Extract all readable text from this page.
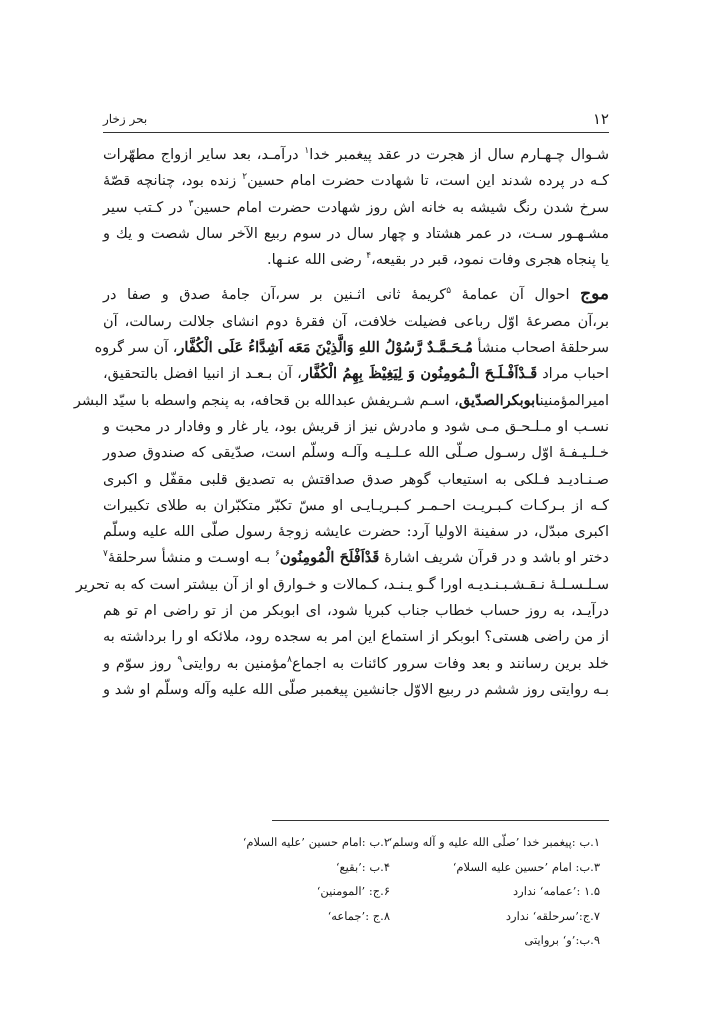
۱۲
بحر زخار

شـوال چـهـارم سال از هجرت در عقد پیغمبر خدا$^۱$ درآمـد، بعد سایر ازواج مطهّرات
کـه در پرده شدند این است، تا شهادت حضرت امام حسین$^۲$ زنده بود، چنانچه قصّهٔ
سرخ شدن رنگ شیشه به خانه اش روز شهادت حضرت امام حسین$^۳$ در کـتب سیر
مشـهـور سـت، در عمر هشتاد و چهار سال در سوم ربیع الآخر سال شصت و یك و
یا پنجاه هجری وفات نمود، قبر در بقیعه،$^۴$ رضی الله عنـها.

موج احوال آن عمامهٔ $^۵$کریمهٔ ثانی اثـنین بر سر،آن جامهٔ صدق و صفا در
بر،آن مصرعهٔ اوّل رباعی فضیلت خلافت، آن فقرهٔ دوم انشای جلالت رسالت، آن
سرحلقهٔ اصحاب منشأ مُـحَـمَّـدٌ رَّسُوْلُ اللهِ وَالَّذِیْنَ مَعَه اَشِدَّاءُ عَلَی الْکُفَّار، آن سر گروه
احباب مراد قَـدْاَفْـلَـحَ الْـمُومِنُون وَ لِیَغِیْظَ بِهِمُ الْکُفَّار، آن بـعـد از انبیا افضل بالتحقیق،
امیرالمؤمنینابوبکرالصدّیق، اسـم شـریفش عبدالله بن قحافه، به پنجم واسطه با سیّد البشر
نسـب او مـلـحـق مـی شود و مادرش نیز از قریش بود، یار غار و وفادار در محبت و
خـلـیـفـهٔ اوّل رسـول صـلّی الله عـلـیـه وآلـه وسلّم است، صدّیقی که صندوق صدور
صـنـادیـد فـلکی به استیعاب گوهر صدق صداقتش به تصدیق قلبی مقفّل و اکبری
کـه از بـرکـات کـبـریـت احـمـر کـبـریـایـی او مسّ تکبّر متکبّران به طلای تکبیرات
اکبری مبدّل، در سفینة الاولیا آرد: حضرت عایشه زوجهٔ رسول صلّی الله علیه وسلّم
دختر او باشد و در قرآن شریف اشارهٔ قَدْاَفْلَحَ الْمُومِنُون$^۶$ بـه اوسـت و منشأ سرحلقهٔ$^۷$
سـلـسـلـهٔ نـقـشـبـنـدیـه اورا گـو یـنـد، کـمالات و خـوارق او از آن بیشتر است که به تحریر
درآیـد، به روز حساب خطاب جناب کبریا شود، ای ابوبکر من از تو راضی ام تو هم
از من راضی هستی؟ ابوبکر از استماع این امر به سجده رود، ملائکه او را برداشته به
خلد برین رسانند و بعد وفات سرور کائنات به اجماع$^۸$مؤمنین به روایتی$^۹$ روز سوّم و
بـه روایتی روز ششم در ربیع الاوّل جانشین پیغمبر صلّی الله علیه وآله وسلّم او شد و

۱.ب :پیغمبر خدا ’صلّی الله علیه و آله وسلم‘
۲.ب :امام حسین ’علیه السلام‘
۳.ب: امام ’حسین علیه السلام‘
۴.ب :’بقیع‘
۱.۵ :’عمامه‘ ندارد
۶.ج: ’المومنین‘
۷.ج:’سرحلقه‘ ندارد
۸.ج :’جماعه‘
۹.ب:’و‘ بروایتی
